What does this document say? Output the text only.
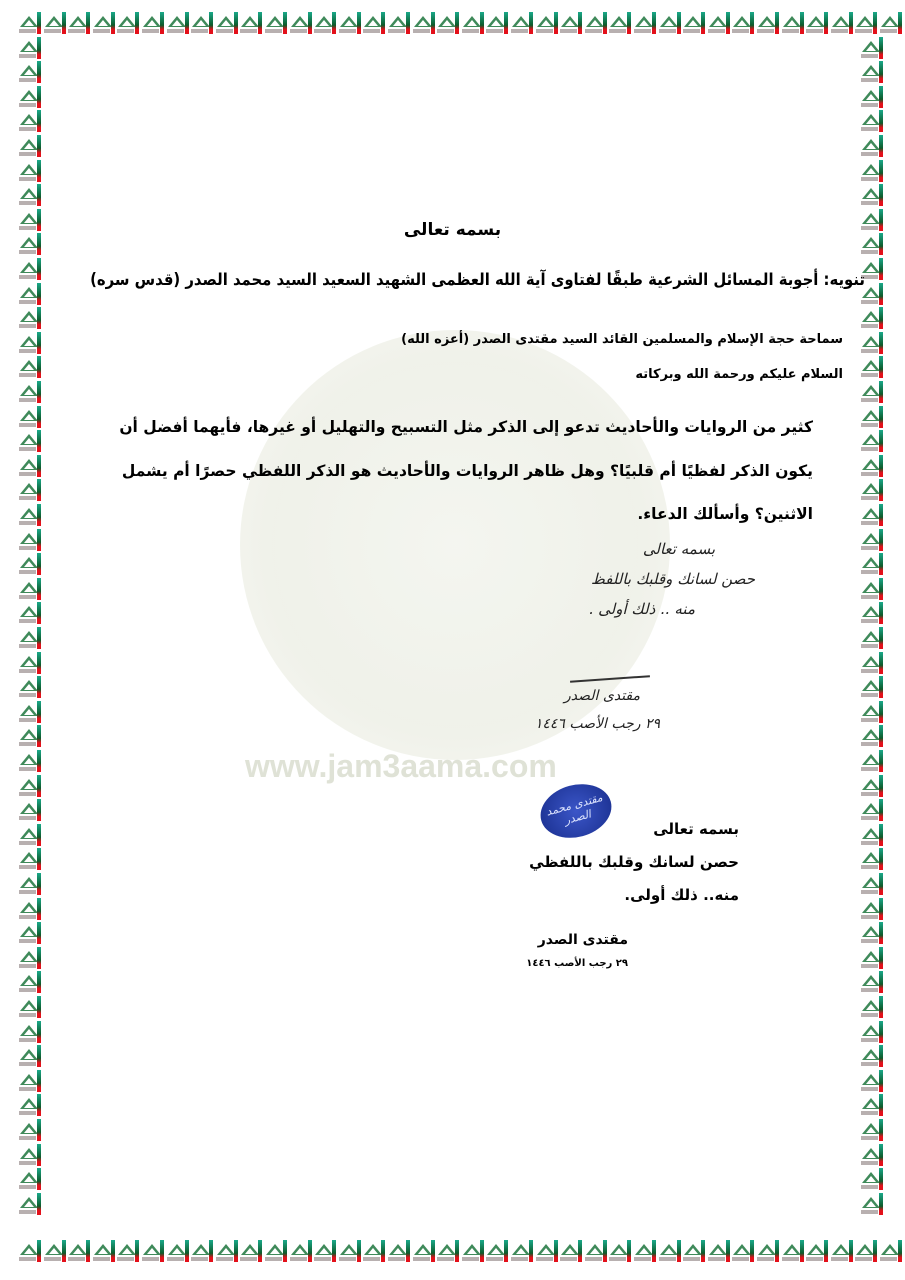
www.jam3aama.com
بسمه تعالى
تنويه: أجوبة المسائل الشرعية طبقًا لفتاوى آية الله العظمى الشهيد السعيد السيد محمد الصدر (قدس سره)
سماحة حجة الإسلام والمسلمين القائد السيد مقتدى الصدر (أعزه الله)
السلام عليكم ورحمة الله وبركاته
كثير من الروايات والأحاديث تدعو إلى الذكر مثل التسبيح والتهليل أو غيرها، فأيهما أفضل أن
يكون الذكر لفظيًا أم قلبيًا؟ وهل ظاهر الروايات والأحاديث هو الذكر اللفظي حصرًا أم يشمل
الاثنين؟ وأسألك الدعاء.
بسمه تعالى
حصن لسانك وقلبك باللفظ
منه .. ذلك أولى .
مقتدى الصدر
٢٩ رجب الأصب ١٤٤٦
مقتدى محمد الصدر
بسمه تعالى
حصن لسانك وقلبك باللفظي
منه.. ذلك أولى.
مقتدى الصدر
٢٩ رجب الأصب ١٤٤٦
